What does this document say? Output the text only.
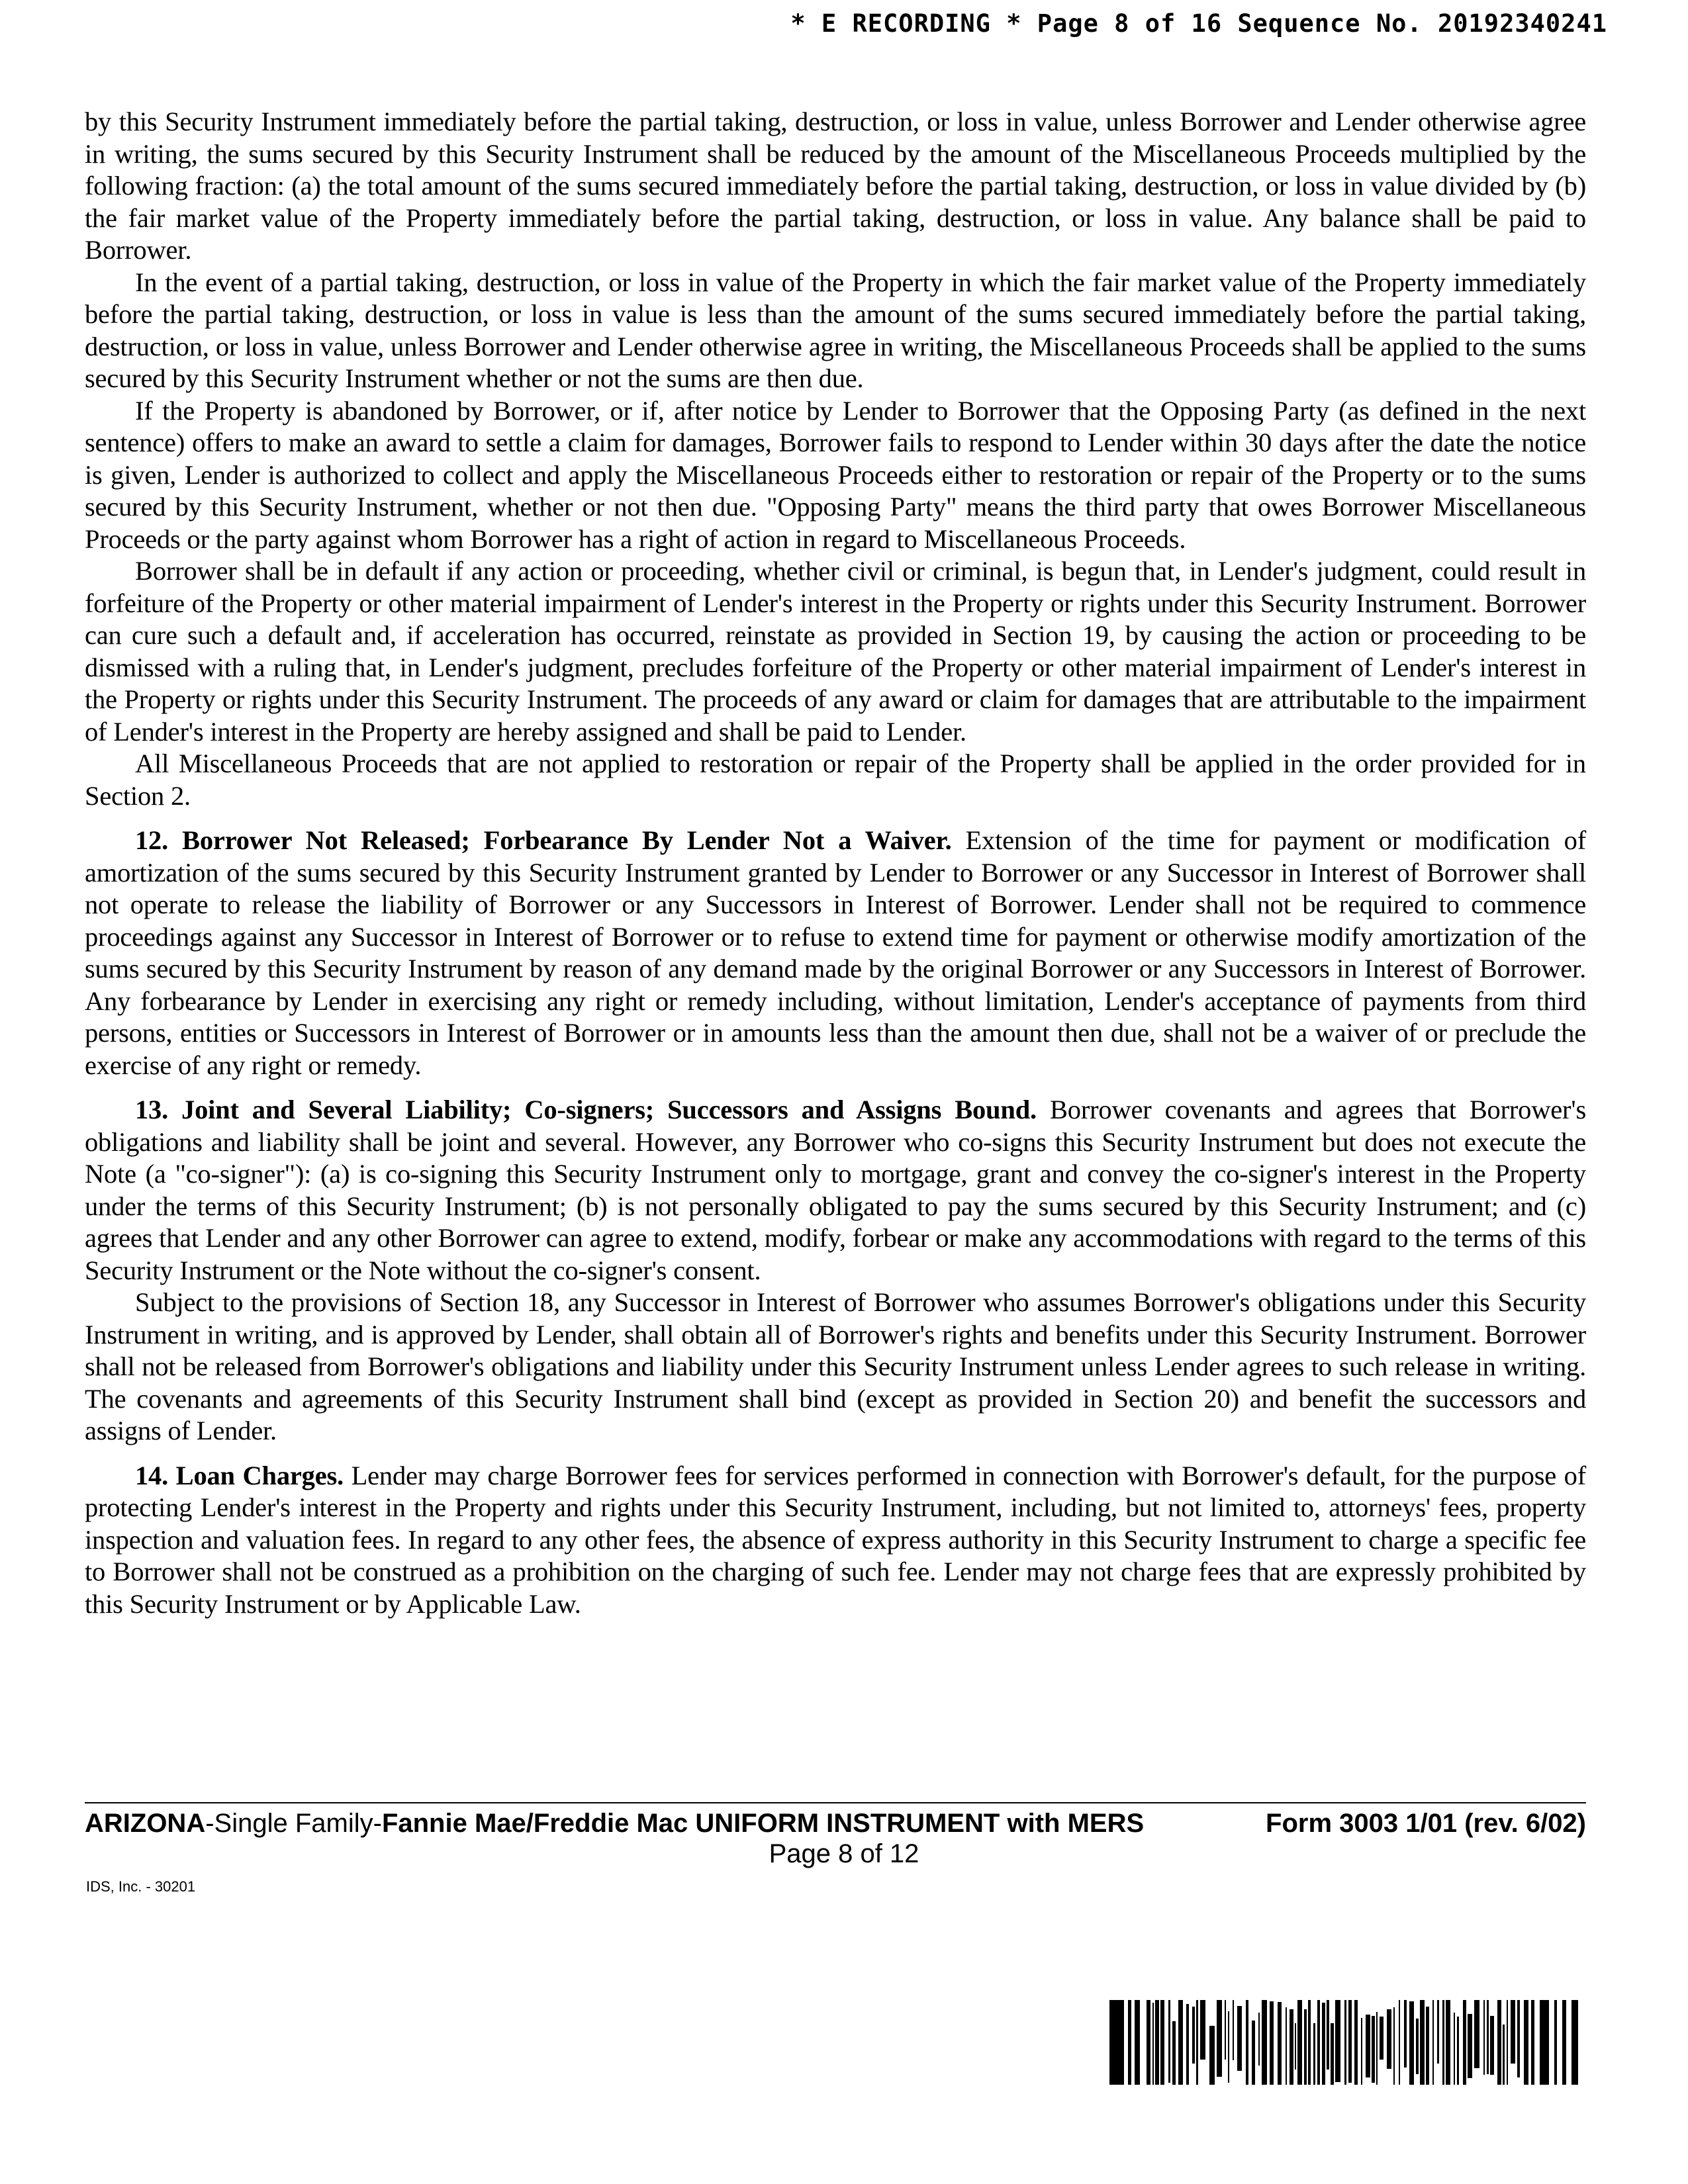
* E RECORDING * Page 8 of 16 Sequence No. 20192340241

by this Security Instrument immediately before the partial taking, destruction, or loss in value, unless Borrower and Lender otherwise agree in writing, the sums secured by this Security Instrument shall be reduced by the amount of the Miscellaneous Proceeds multiplied by the following fraction: (a) the total amount of the sums secured immediately before the partial taking, destruction, or loss in value divided by (b) the fair market value of the Property immediately before the partial taking, destruction, or loss in value. Any balance shall be paid to Borrower.

In the event of a partial taking, destruction, or loss in value of the Property in which the fair market value of the Property immediately before the partial taking, destruction, or loss in value is less than the amount of the sums secured immediately before the partial taking, destruction, or loss in value, unless Borrower and Lender otherwise agree in writing, the Miscellaneous Proceeds shall be applied to the sums secured by this Security Instrument whether or not the sums are then due.

If the Property is abandoned by Borrower, or if, after notice by Lender to Borrower that the Opposing Party (as defined in the next sentence) offers to make an award to settle a claim for damages, Borrower fails to respond to Lender within 30 days after the date the notice is given, Lender is authorized to collect and apply the Miscellaneous Proceeds either to restoration or repair of the Property or to the sums secured by this Security Instrument, whether or not then due. "Opposing Party" means the third party that owes Borrower Miscellaneous Proceeds or the party against whom Borrower has a right of action in regard to Miscellaneous Proceeds.

Borrower shall be in default if any action or proceeding, whether civil or criminal, is begun that, in Lender's judgment, could result in forfeiture of the Property or other material impairment of Lender's interest in the Property or rights under this Security Instrument. Borrower can cure such a default and, if acceleration has occurred, reinstate as provided in Section 19, by causing the action or proceeding to be dismissed with a ruling that, in Lender's judgment, precludes forfeiture of the Property or other material impairment of Lender's interest in the Property or rights under this Security Instrument. The proceeds of any award or claim for damages that are attributable to the impairment of Lender's interest in the Property are hereby assigned and shall be paid to Lender.

All Miscellaneous Proceeds that are not applied to restoration or repair of the Property shall be applied in the order provided for in Section 2.

12. Borrower Not Released; Forbearance By Lender Not a Waiver. Extension of the time for payment or modification of amortization of the sums secured by this Security Instrument granted by Lender to Borrower or any Successor in Interest of Borrower shall not operate to release the liability of Borrower or any Successors in Interest of Borrower. Lender shall not be required to commence proceedings against any Successor in Interest of Borrower or to refuse to extend time for payment or otherwise modify amortization of the sums secured by this Security Instrument by reason of any demand made by the original Borrower or any Successors in Interest of Borrower. Any forbearance by Lender in exercising any right or remedy including, without limitation, Lender's acceptance of payments from third persons, entities or Successors in Interest of Borrower or in amounts less than the amount then due, shall not be a waiver of or preclude the exercise of any right or remedy.

13. Joint and Several Liability; Co-signers; Successors and Assigns Bound. Borrower covenants and agrees that Borrower's obligations and liability shall be joint and several. However, any Borrower who co-signs this Security Instrument but does not execute the Note (a "co-signer"): (a) is co-signing this Security Instrument only to mortgage, grant and convey the co-signer's interest in the Property under the terms of this Security Instrument; (b) is not personally obligated to pay the sums secured by this Security Instrument; and (c) agrees that Lender and any other Borrower can agree to extend, modify, forbear or make any accommodations with regard to the terms of this Security Instrument or the Note without the co-signer's consent.

Subject to the provisions of Section 18, any Successor in Interest of Borrower who assumes Borrower's obligations under this Security Instrument in writing, and is approved by Lender, shall obtain all of Borrower's rights and benefits under this Security Instrument. Borrower shall not be released from Borrower's obligations and liability under this Security Instrument unless Lender agrees to such release in writing. The covenants and agreements of this Security Instrument shall bind (except as provided in Section 20) and benefit the successors and assigns of Lender.

14. Loan Charges. Lender may charge Borrower fees for services performed in connection with Borrower's default, for the purpose of protecting Lender's interest in the Property and rights under this Security Instrument, including, but not limited to, attorneys' fees, property inspection and valuation fees. In regard to any other fees, the absence of express authority in this Security Instrument to charge a specific fee to Borrower shall not be construed as a prohibition on the charging of such fee. Lender may not charge fees that are expressly prohibited by this Security Instrument or by Applicable Law.

ARIZONA-Single Family-Fannie Mae/Freddie Mac UNIFORM INSTRUMENT with MERS	Form 3003 1/01 (rev. 6/02)
Page 8 of 12
IDS, Inc. - 30201
